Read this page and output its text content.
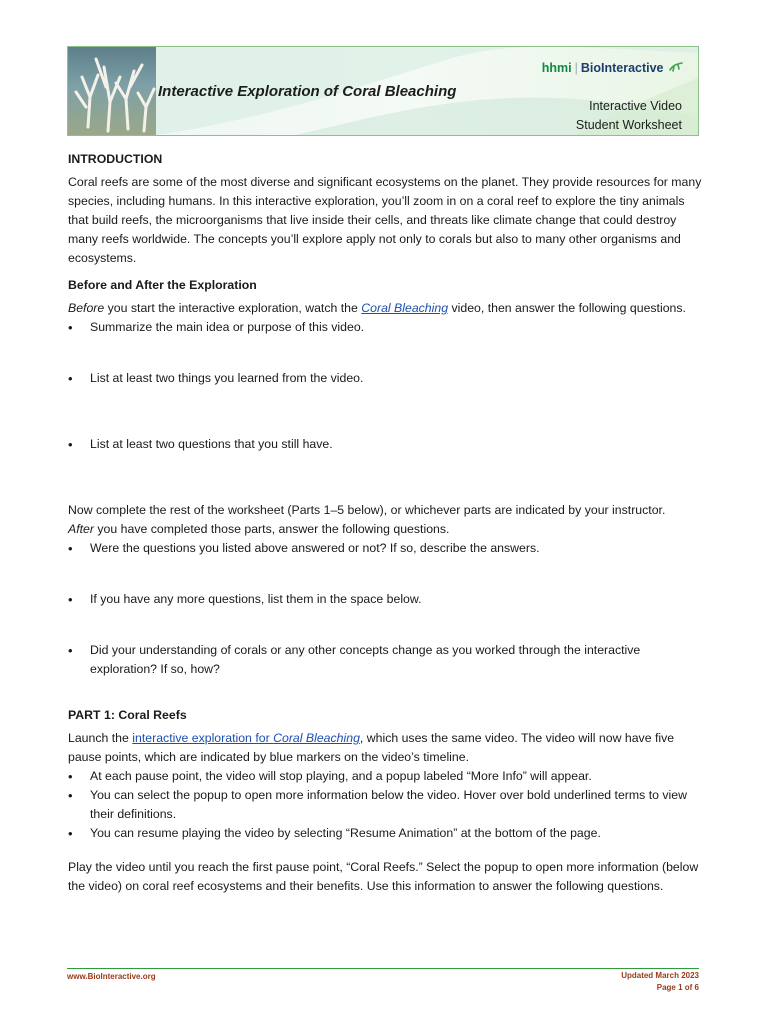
Interactive Exploration of Coral Bleaching
hhmi | BioInteractive
Interactive Video
Student Worksheet

INTRODUCTION

Coral reefs are some of the most diverse and significant ecosystems on the planet. They provide resources for many species, including humans. In this interactive exploration, you’ll zoom in on a coral reef to explore the tiny animals that build reefs, the microorganisms that live inside their cells, and threats like climate change that could destroy many reefs worldwide. The concepts you’ll explore apply not only to corals but also to many other organisms and ecosystems.

Before and After the Exploration

Before you start the interactive exploration, watch the Coral Bleaching video, then answer the following questions.

• Summarize the main idea or purpose of this video.
• List at least two things you learned from the video.
• List at least two questions that you still have.

Now complete the rest of the worksheet (Parts 1–5 below), or whichever parts are indicated by your instructor.

After you have completed those parts, answer the following questions.

• Were the questions you listed above answered or not? If so, describe the answers.
• If you have any more questions, list them in the space below.
• Did your understanding of corals or any other concepts change as you worked through the interactive exploration? If so, how?

PART 1: Coral Reefs

Launch the interactive exploration for Coral Bleaching, which uses the same video. The video will now have five pause points, which are indicated by blue markers on the video’s timeline.

• At each pause point, the video will stop playing, and a popup labeled “More Info” will appear.
• You can select the popup to open more information below the video. Hover over bold underlined terms to view their definitions.
• You can resume playing the video by selecting “Resume Animation” at the bottom of the page.

Play the video until you reach the first pause point, “Coral Reefs.” Select the popup to open more information (below the video) on coral reef ecosystems and their benefits. Use this information to answer the following questions.

www.BioInteractive.org	Updated March 2023
Page 1 of 6
